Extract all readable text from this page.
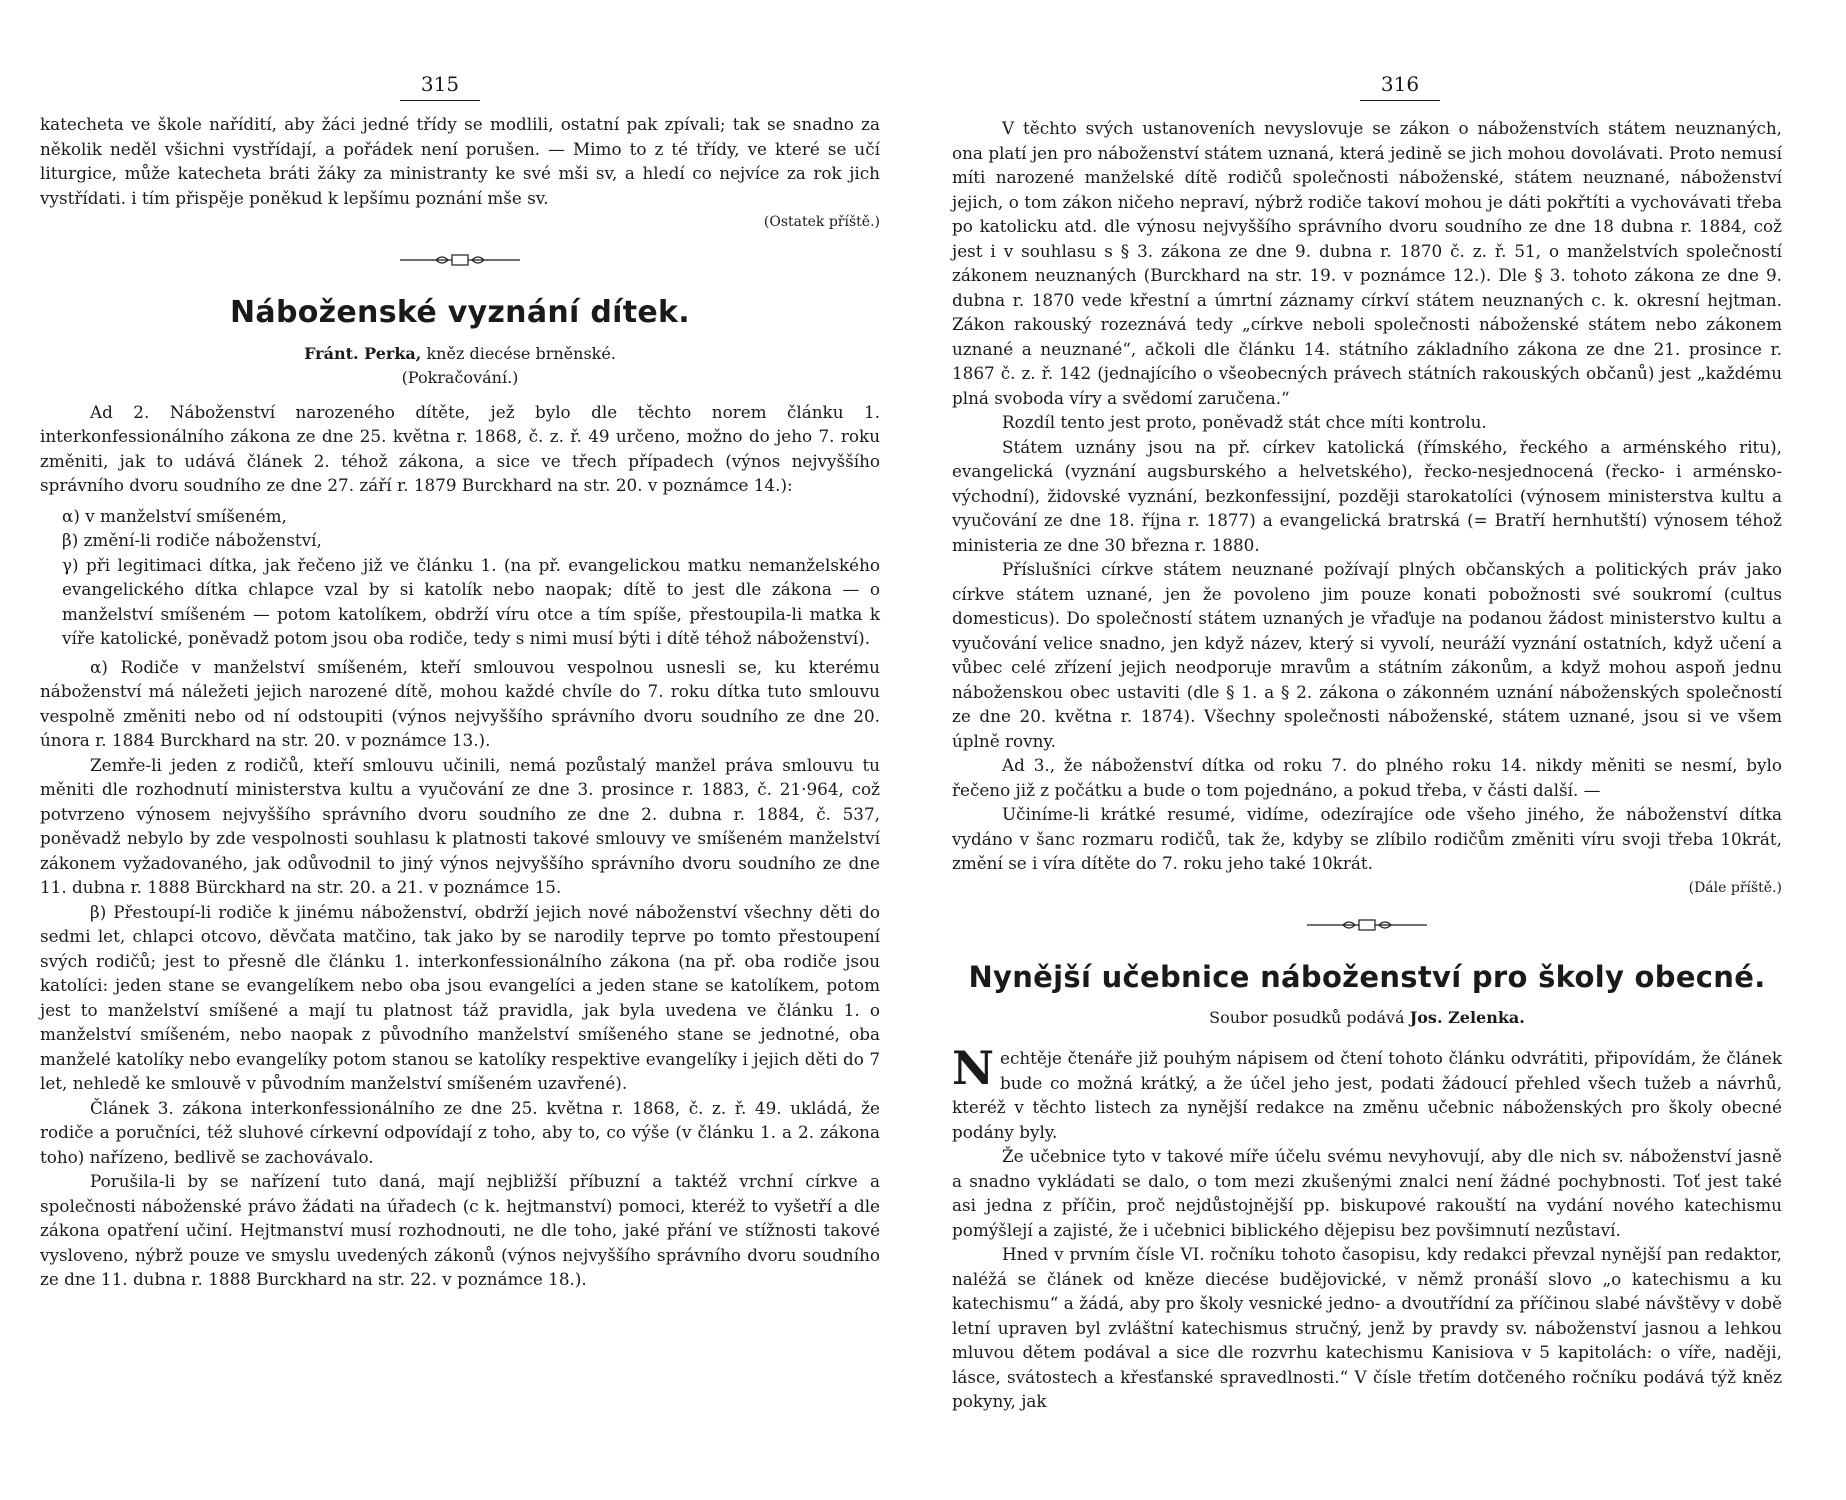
315

katecheta ve škole nařídití, aby žáci jedné třídy se modlili, ostatní pak zpívali; tak se snadno za několik neděl všichni vystřídají, a pořádek není porušen. — Mimo to z té třídy, ve které se učí liturgice, může katecheta bráti žáky za ministranty ke své mši sv, a hledí co nejvíce za rok jich vystřídati. i tím přispěje poněkud k lepšímu poznání mše sv.

(Ostatek příště.)

Náboženské vyznání dítek.
Fránt. Perka, kněz diecése brněnské.
(Pokračování.)

Ad 2. Náboženství narozeného dítěte, jež bylo dle těchto norem článku 1. interkonfessionálního zákona ze dne 25. května r. 1868, č. z. ř. 49 určeno, možno do jeho 7. roku změniti, jak to udává článek 2. téhož zákona, a sice ve třech případech (výnos nejvyššího správního dvoru soudního ze dne 27. září r. 1879 Burckhard na str. 20. v poznámce 14.):

α) v manželství smíšeném,

β) změní-li rodiče náboženství,

γ) při legitimaci dítka, jak řečeno již ve článku 1. (na př. evangelickou matku nemanželského evangelického dítka chlapce vzal by si katolík nebo naopak; dítě to jest dle zákona — o manželství smíšeném — potom katolíkem, obdrží víru otce a tím spíše, přestoupila-li matka k víře katolické, poněvadž potom jsou oba rodiče, tedy s nimi musí býti i dítě téhož náboženství).

α) Rodiče v manželství smíšeném, kteří smlouvou vespolnou usnesli se, ku kterému náboženství má náležeti jejich narozené dítě, mohou každé chvíle do 7. roku dítka tuto smlouvu vespolně změniti nebo od ní odstoupiti (výnos nejvyššího správního dvoru soudního ze dne 20. února r. 1884 Burckhard na str. 20. v poznámce 13.).

Zemře-li jeden z rodičů, kteří smlouvu učinili, nemá pozůstalý manžel práva smlouvu tu měniti dle rozhodnutí ministerstva kultu a vyučování ze dne 3. prosince r. 1883, č. 21·964, což potvrzeno výnosem nejvyššího správního dvoru soudního ze dne 2. dubna r. 1884, č. 537, poněvadž nebylo by zde vespolnosti souhlasu k platnosti takové smlouvy ve smíšeném manželství zákonem vyžadovaného, jak odůvodnil to jiný výnos nejvyššího správního dvoru soudního ze dne 11. dubna r. 1888 Bürckhard na str. 20. a 21. v poznámce 15.

β) Přestoupí-li rodiče k jinému náboženství, obdrží jejich nové náboženství všechny děti do sedmi let, chlapci otcovo, děvčata matčino, tak jako by se narodily teprve po tomto přestoupení svých rodičů; jest to přesně dle článku 1. interkonfessionálního zákona (na př. oba rodiče jsou katolíci: jeden stane se evangelíkem nebo oba jsou evangelíci a jeden stane se katolíkem, potom jest to manželství smíšené a mají tu platnost táž pravidla, jak byla uvedena ve článku 1. o manželství smíšeném, nebo naopak z původního manželství smíšeného stane se jednotné, oba manželé katolíky nebo evangelíky potom stanou se katolíky respektive evangelíky i jejich děti do 7 let, nehledě ke smlouvě v původním manželství smíšeném uzavřené).

Článek 3. zákona interkonfessionálního ze dne 25. května r. 1868, č. z. ř. 49. ukládá, že rodiče a poručníci, též sluhové církevní odpovídají z toho, aby to, co výše (v článku 1. a 2. zákona toho) nařízeno, bedlivě se zachovávalo.

Porušila-li by se nařízení tuto daná, mají nejbližší příbuzní a taktéž vrchní církve a společnosti náboženské právo žádati na úřadech (c k. hejtmanství) pomoci, kteréž to vyšetří a dle zákona opatření učiní. Hejtmanství musí rozhodnouti, ne dle toho, jaké přání ve stížnosti takové vysloveno, nýbrž pouze ve smyslu uvedených zákonů (výnos nejvyššího správního dvoru soudního ze dne 11. dubna r. 1888 Burckhard na str. 22. v poznámce 18.).

316

V těchto svých ustanoveních nevyslovuje se zákon o náboženstvích státem neuznaných, ona platí jen pro náboženství státem uznaná, která jedině se jich mohou dovolávati. Proto nemusí míti narozené manželské dítě rodičů společnosti náboženské, státem neuznané, náboženství jejich, o tom zákon ničeho nepraví, nýbrž rodiče takoví mohou je dáti pokřtíti a vychovávati třeba po katolicku atd. dle výnosu nejvyššího správního dvoru soudního ze dne 18 dubna r. 1884, což jest i v souhlasu s § 3. zákona ze dne 9. dubna r. 1870 č. z. ř. 51, o manželstvích společností zákonem neuznaných (Burckhard na str. 19. v poznámce 12.). Dle § 3. tohoto zákona ze dne 9. dubna r. 1870 vede křestní a úmrtní záznamy církví státem neuznaných c. k. okresní hejtman. Zákon rakouský rozeznává tedy „církve neboli společnosti náboženské státem nebo zákonem uznané a neuznané“, ačkoli dle článku 14. státního základního zákona ze dne 21. prosince r. 1867 č. z. ř. 142 (jednajícího o všeobecných právech státních rakouských občanů) jest „každému plná svoboda víry a svědomí zaručena.“

Rozdíl tento jest proto, poněvadž stát chce míti kontrolu.

Státem uznány jsou na př. církev katolická (římského, řeckého a arménského ritu), evangelická (vyznání augsburského a helvetského), řecko-nesjednocená (řecko- i arménsko-východní), židovské vyznání, bezkonfessijní, později starokatolíci (výnosem ministerstva kultu a vyučování ze dne 18. října r. 1877) a evangelická bratrská (= Bratří hernhutští) výnosem téhož ministeria ze dne 30 března r. 1880.

Příslušníci církve státem neuznané požívají plných občanských a politických práv jako církve státem uznané, jen že povoleno jim pouze konati pobožnosti své soukromí (cultus domesticus). Do společností státem uznaných je vřaďuje na podanou žádost ministerstvo kultu a vyučování velice snadno, jen když název, který si vyvolí, neuráží vyznání ostatních, když učení a vůbec celé zřízení jejich neodporuje mravům a státním zákonům, a když mohou aspoň jednu náboženskou obec ustaviti (dle § 1. a § 2. zákona o zákonném uznání náboženských společností ze dne 20. května r. 1874). Všechny společnosti náboženské, státem uznané, jsou si ve všem úplně rovny.

Ad 3., že náboženství dítka od roku 7. do plného roku 14. nikdy měniti se nesmí, bylo řečeno již z počátku a bude o tom pojednáno, a pokud třeba, v části další. —

Učiníme-li krátké resumé, vidíme, odezírajíce ode všeho jiného, že náboženství dítka vydáno v šanc rozmaru rodičů, tak že, kdyby se zlíbilo rodičům změniti víru svoji třeba 10krát, změní se i víra dítěte do 7. roku jeho také 10krát.

(Dále příště.)

Nynější učebnice náboženství pro školy obecné.
Soubor posudků podává Jos. Zelenka.

Nechtěje čtenáře již pouhým nápisem od čtení tohoto článku odvrátiti, připovídám, že článek bude co možná krátký, a že účel jeho jest, podati žádoucí přehled všech tužeb a návrhů, kteréž v těchto listech za nynější redakce na změnu učebnic náboženských pro školy obecné podány byly.

Že učebnice tyto v takové míře účelu svému nevyhovují, aby dle nich sv. náboženství jasně a snadno vykládati se dalo, o tom mezi zkušenými znalci není žádné pochybnosti. Toť jest také asi jedna z příčin, proč nejdůstojnější pp. biskupové rakouští na vydání nového katechismu pomýšlejí a zajisté, že i učebnici biblického dějepisu bez povšimnutí nezůstaví.

Hned v prvním čísle VI. ročníku tohoto časopisu, kdy redakci převzal nynější pan redaktor, naléžá se článek od kněze diecése budějovické, v němž pronáší slovo „o katechismu a ku katechismu“ a žádá, aby pro školy vesnické jedno- a dvoutřídní za příčinou slabé návštěvy v době letní upraven byl zvláštní katechismus stručný, jenž by pravdy sv. náboženství jasnou a lehkou mluvou dětem podával a sice dle rozvrhu katechismu Kanisiova v 5 kapitolách: o víře, naději, lásce, svátostech a křesťanské spravedlnosti.“ V čísle třetím dotčeného ročníku podává týž kněz pokyny, jak
